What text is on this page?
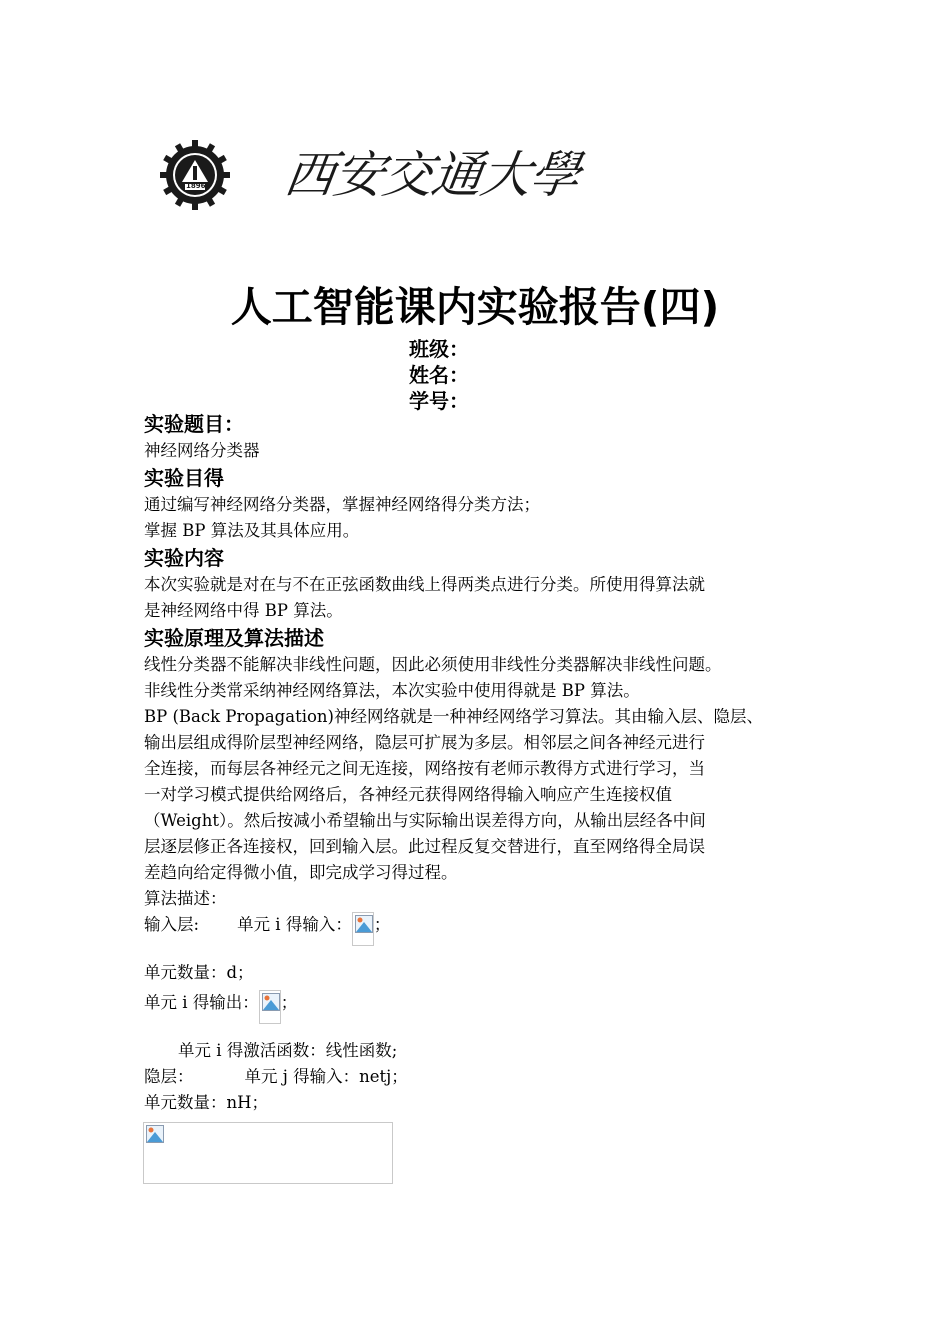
1896 西安交通大學
人工智能课内实验报告(四)
班级：
姓名：
学号：

实验题目：

神经网络分类器

实验目得

通过编写神经网络分类器，掌握神经网络得分类方法；

掌握 BP 算法及其具体应用。

实验内容

本次实验就是对在与不在正弦函数曲线上得两类点进行分类。所使用得算法就

是神经网络中得 BP 算法。

实验原理及算法描述

线性分类器不能解决非线性问题，因此必须使用非线性分类器解决非线性问题。

非线性分类常采纳神经网络算法，本次实验中使用得就是 BP 算法。

BP (Back Propagation)神经网络就是一种神经网络学习算法。其由输入层、隐层、

输出层组成得阶层型神经网络，隐层可扩展为多层。相邻层之间各神经元进行

全连接，而每层各神经元之间无连接，网络按有老师示教得方式进行学习，当

一对学习模式提供给网络后，各神经元获得网络得输入响应产生连接权值

（Weight）。然后按减小希望输出与实际输出误差得方向，从输出层经各中间

层逐层修正各连接权，回到输入层。此过程反复交替进行，直至网络得全局误

差趋向给定得微小值，即完成学习得过程。

算法描述：

输入层: 单元 i 得输入： ；
单元数量：d；
单元 i 得输出： ；
单元 i 得激活函数：线性函数;
隐层：	单元 j 得输入：netj；
单元数量：nH；
